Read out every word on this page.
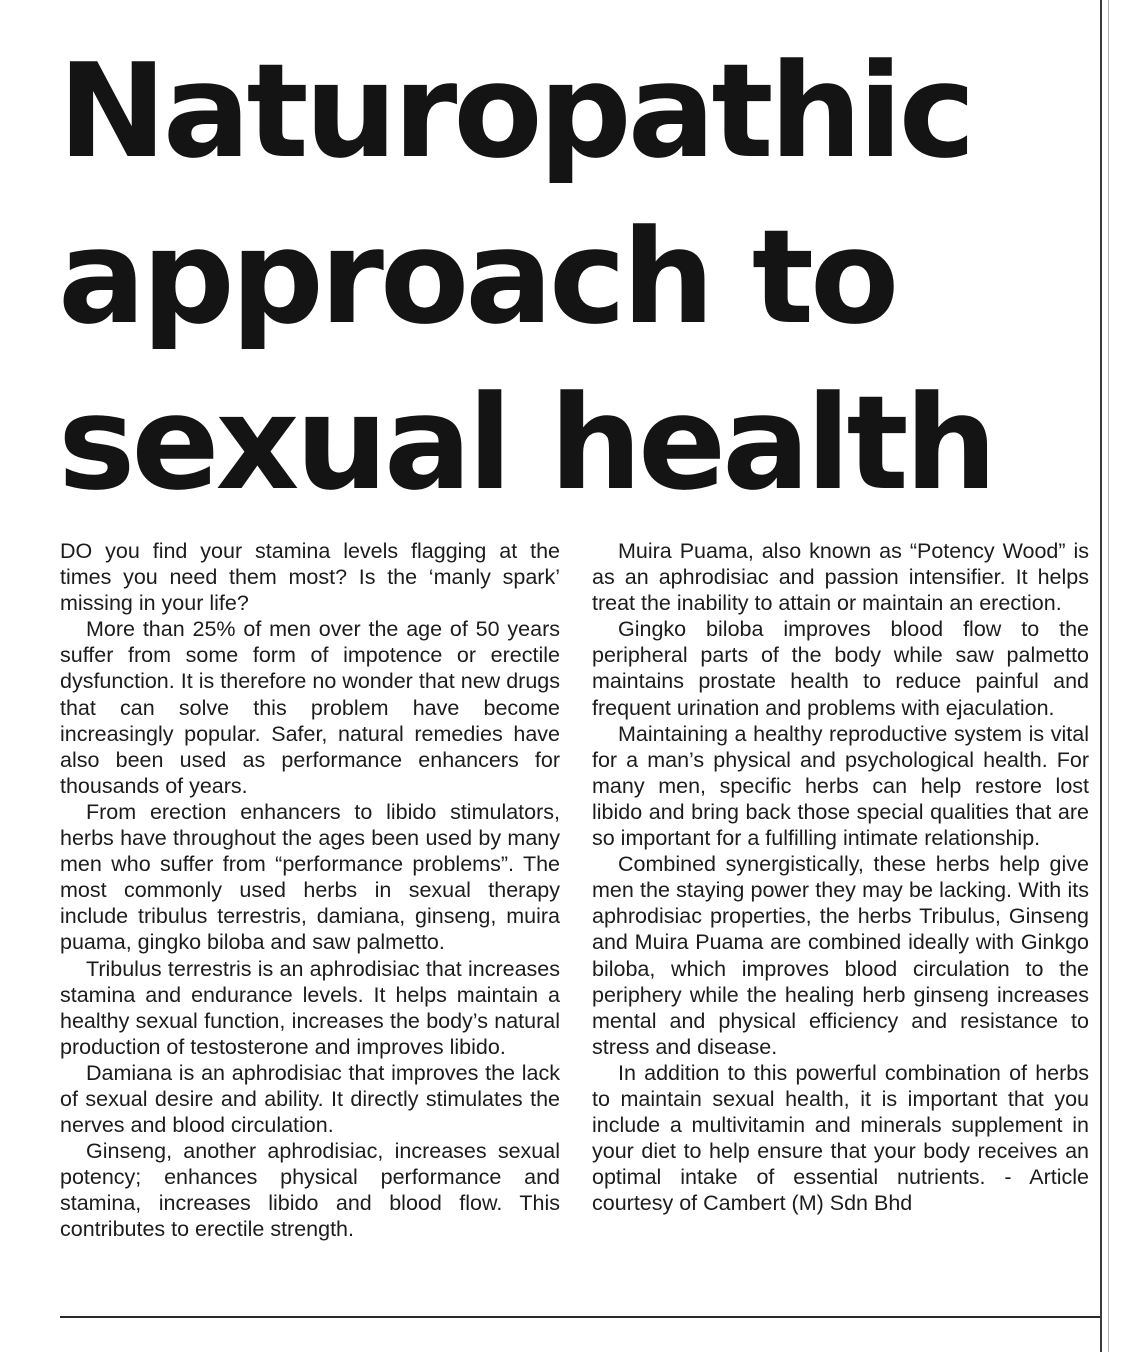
Naturopathic
approach to
sexual health

DO you find your stamina levels flagging at the times you need them most? Is the ‘manly spark’ missing in your life?

More than 25% of men over the age of 50 years suffer from some form of impotence or erectile dysfunction. It is therefore no wonder that new drugs that can solve this problem have become increasingly popular. Safer, natural remedies have also been used as performance enhancers for thousands of years.

From erection enhancers to libido stimulators, herbs have throughout the ages been used by many men who suffer from “performance problems”. The most commonly used herbs in sexual therapy include tribulus terrestris, damiana, ginseng, muira puama, gingko biloba and saw palmetto.

Tribulus terrestris is an aphrodisiac that increases stamina and endurance levels. It helps maintain a healthy sexual function, increases the body’s natural production of testosterone and improves libido.

Damiana is an aphrodisiac that improves the lack of sexual desire and ability. It directly stimulates the nerves and blood circulation.

Ginseng, another aphrodisiac, increases sexual potency; enhances physical performance and stamina, increases libido and blood flow. This contributes to erectile strength.

Muira Puama, also known as “Potency Wood” is as an aphrodisiac and passion intensifier. It helps treat the inability to attain or maintain an erection.

Gingko biloba improves blood flow to the peripheral parts of the body while saw palmetto maintains prostate health to reduce painful and frequent urination and problems with ejaculation.

Maintaining a healthy reproductive system is vital for a man’s physical and psychological health. For many men, specific herbs can help restore lost libido and bring back those special qualities that are so important for a fulfilling intimate relationship.

Combined synergistically, these herbs help give men the staying power they may be lacking. With its aphrodisiac properties, the herbs Tribulus, Ginseng and Muira Puama are combined ideally with Ginkgo biloba, which improves blood circulation to the periphery while the healing herb ginseng increases mental and physical efficiency and resistance to stress and disease.

In addition to this powerful combination of herbs to maintain sexual health, it is important that you include a multivitamin and minerals supplement in your diet to help ensure that your body receives an optimal intake of essential nutrients. - Article courtesy of Cambert (M) Sdn Bhd
